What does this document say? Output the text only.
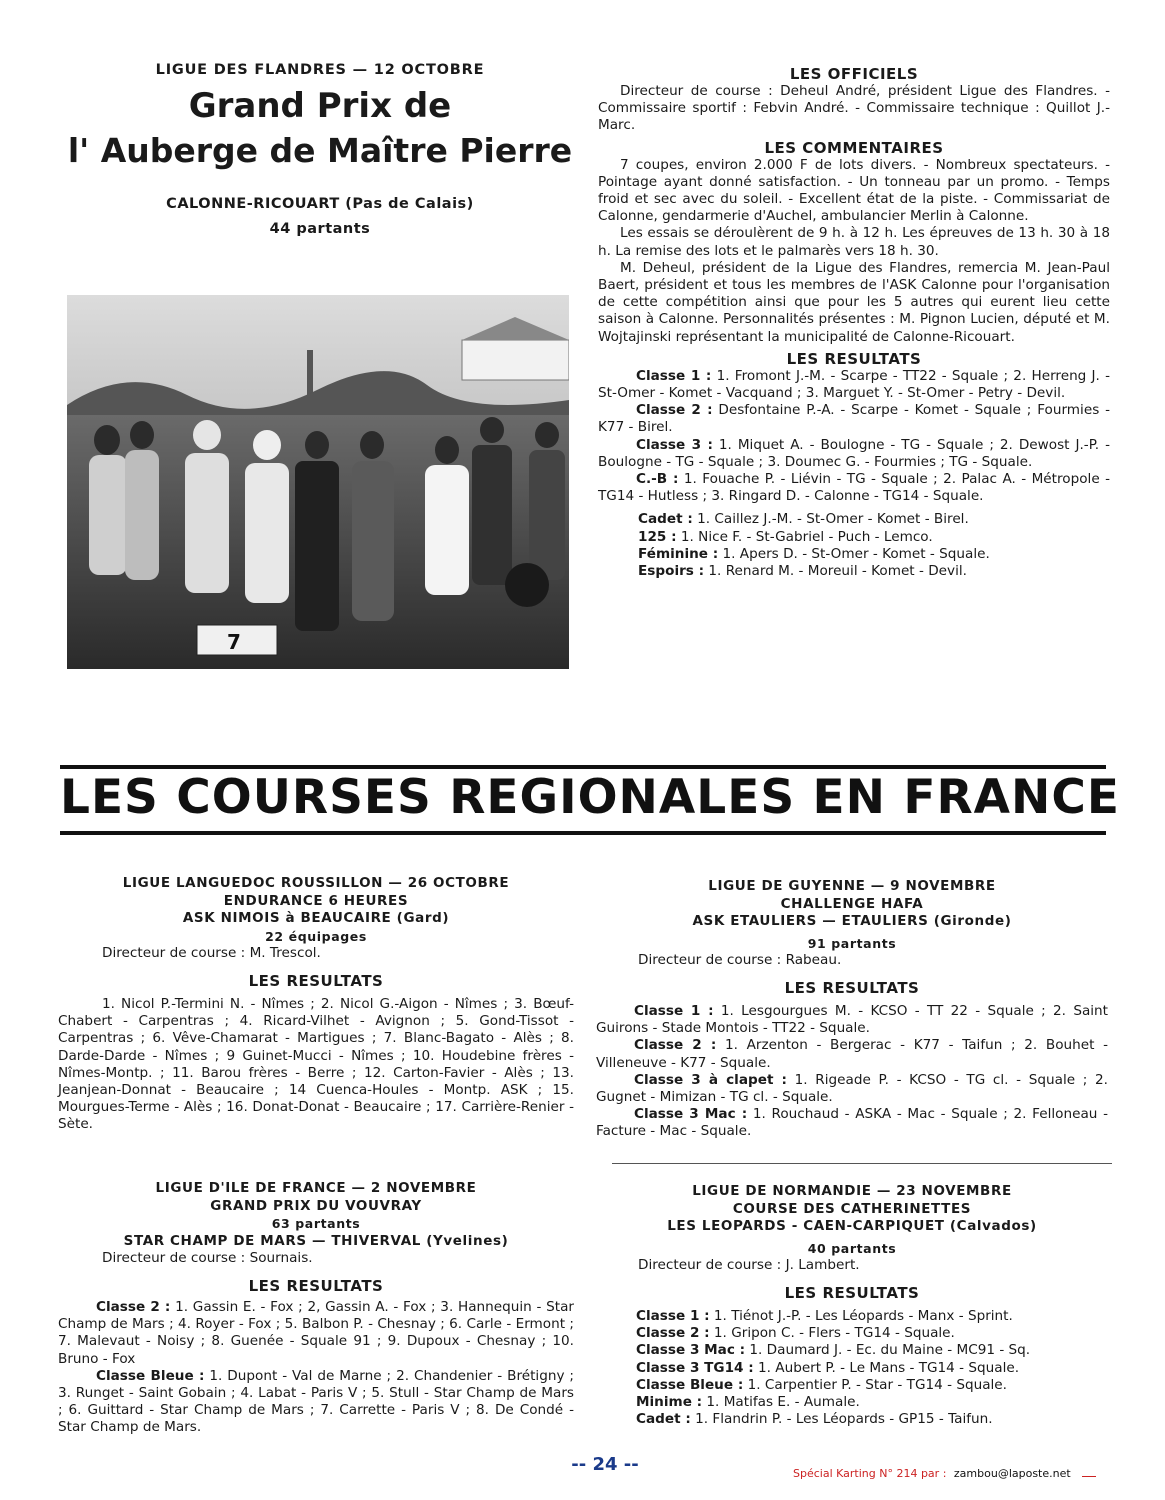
LIGUE DES FLANDRES — 12 OCTOBRE
Grand Prix de
l' Auberge de Maître Pierre
CALONNE-RICOUART (Pas de Calais)
44 partants
7
LES OFFICIELS

Directeur de course : Deheul André, président Ligue des Flandres. - Commissaire sportif : Febvin André. - Commissaire technique : Quillot J.-Marc.

LES COMMENTAIRES

7 coupes, environ 2.000 F de lots divers. - Nombreux spectateurs. - Pointage ayant donné satisfaction. - Un tonneau par un promo. - Temps froid et sec avec du soleil. - Excellent état de la piste. - Commissariat de Calonne, gendarmerie d'Auchel, ambulancier Merlin à Calonne.

Les essais se déroulèrent de 9 h. à 12 h. Les épreuves de 13 h. 30 à 18 h. La remise des lots et le palmarès vers 18 h. 30.

M. Deheul, président de la Ligue des Flandres, remercia M. Jean-Paul Baert, président et tous les membres de l'ASK Calonne pour l'organisation de cette compétition ainsi que pour les 5 autres qui eurent lieu cette saison à Calonne. Personnalités présentes : M. Pignon Lucien, député et M. Wojtajinski représentant la municipalité de Calonne-Ricouart.

LES RESULTATS

Classe 1 : 1. Fromont J.-M. - Scarpe - TT22 - Squale ; 2. Herreng J. - St-Omer - Komet - Vacquand ; 3. Marguet Y. - St-Omer - Petry - Devil.

Classe 2 : Desfontaine P.-A. - Scarpe - Komet - Squale ; Fourmies - K77 - Birel.

Classe 3 : 1. Miquet A. - Boulogne - TG - Squale ; 2. Dewost J.-P. - Boulogne - TG - Squale ; 3. Doumec G. - Fourmies ; TG - Squale.

C.-B : 1. Fouache P. - Liévin - TG - Squale ; 2. Palac A. - Métropole - TG14 - Hutless ; 3. Ringard D. - Calonne - TG14 - Squale.

Cadet : 1. Caillez J.-M. - St-Omer - Komet - Birel.
125 : 1. Nice F. - St-Gabriel - Puch - Lemco.
Féminine : 1. Apers D. - St-Omer - Komet - Squale.
Espoirs : 1. Renard M. - Moreuil - Komet - Devil.
LES COURSES REGIONALES EN FRANCE
LIGUE LANGUEDOC ROUSSILLON — 26 OCTOBRE
ENDURANCE 6 HEURES
ASK NIMOIS à BEAUCAIRE (Gard)
22 équipages
Directeur de course : M. Trescol.
LES RESULTATS

1. Nicol P.-Termini N. - Nîmes ; 2. Nicol G.-Aigon - Nîmes ; 3. Bœuf-Chabert - Carpentras ; 4. Ricard-Vilhet - Avignon ; 5. Gond-Tissot - Carpentras ; 6. Vêve-Chamarat - Martigues ; 7. Blanc-Bagato - Alès ; 8. Darde-Darde - Nîmes ; 9 Guinet-Mucci - Nîmes ; 10. Houdebine frères - Nîmes-Montp. ; 11. Barou frères - Berre ; 12. Carton-Favier - Alès ; 13. Jeanjean-Donnat - Beaucaire ; 14 Cuenca-Houles - Montp. ASK ; 15. Mourgues-Terme - Alès ; 16. Donat-Donat - Beaucaire ; 17. Carrière-Renier - Sète.

LIGUE D'ILE DE FRANCE — 2 NOVEMBRE
GRAND PRIX DU VOUVRAY
63 partants
STAR CHAMP DE MARS — THIVERVAL (Yvelines)
Directeur de course : Sournais.
LES RESULTATS

Classe 2 : 1. Gassin E. - Fox ; 2, Gassin A. - Fox ; 3. Hannequin - Star Champ de Mars ; 4. Royer - Fox ; 5. Balbon P. - Chesnay ; 6. Carle - Ermont ; 7. Malevaut - Noisy ; 8. Guenée - Squale 91 ; 9. Dupoux - Chesnay ; 10. Bruno - Fox

Classe Bleue : 1. Dupont - Val de Marne ; 2. Chandenier - Brétigny ; 3. Runget - Saint Gobain ; 4. Labat - Paris V ; 5. Stull - Star Champ de Mars ; 6. Guittard - Star Champ de Mars ; 7. Carrette - Paris V ; 8. De Condé - Star Champ de Mars.

LIGUE DE GUYENNE — 9 NOVEMBRE
CHALLENGE HAFA
ASK ETAULIERS — ETAULIERS (Gironde)
91 partants
Directeur de course : Rabeau.
LES RESULTATS

Classe 1 : 1. Lesgourgues M. - KCSO - TT 22 - Squale ; 2. Saint Guirons - Stade Montois - TT22 - Squale.

Classe 2 : 1. Arzenton - Bergerac - K77 - Taifun ; 2. Bouhet - Villeneuve - K77 - Squale.

Classe 3 à clapet : 1. Rigeade P. - KCSO - TG cl. - Squale ; 2. Gugnet - Mimizan - TG cl. - Squale.

Classe 3 Mac : 1. Rouchaud - ASKA - Mac - Squale ; 2. Felloneau - Facture - Mac - Squale.

LIGUE DE NORMANDIE — 23 NOVEMBRE
COURSE DES CATHERINETTES
LES LEOPARDS - CAEN-CARPIQUET (Calvados)
40 partants
Directeur de course : J. Lambert.
LES RESULTATS
Classe 1 : 1. Tiénot J.-P. - Les Léopards - Manx - Sprint.
Classe 2 : 1. Gripon C. - Flers - TG14 - Squale.
Classe 3 Mac : 1. Daumard J. - Ec. du Maine - MC91 - Sq.
Classe 3 TG14 : 1. Aubert P. - Le Mans - TG14 - Squale.
Classe Bleue : 1. Carpentier P. - Star - TG14 - Squale.
Minime : 1. Matifas E. - Aumale.
Cadet : 1. Flandrin P. - Les Léopards - GP15 - Taifun.
-- 24 --	Spécial Karting N° 214 par : zambou@laposte.net
